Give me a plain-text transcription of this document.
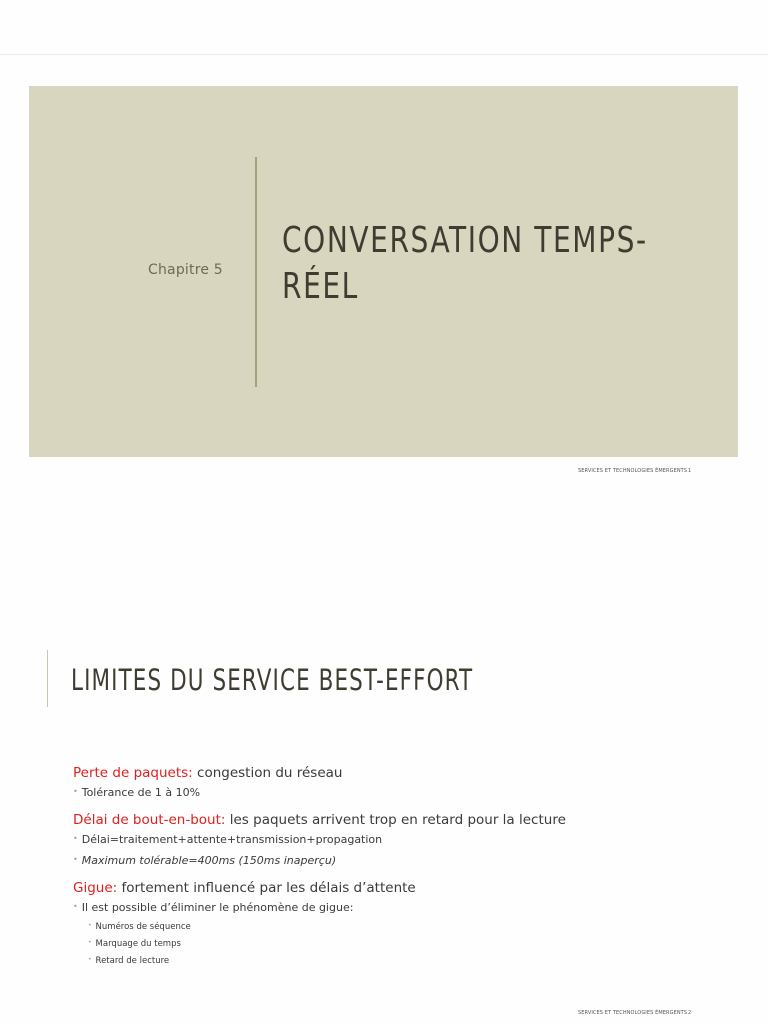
Chapitre 5
CONVERSATION TEMPS-
RÉEL
SERVICES ET TECHNOLOGIES ÉMERGENTS 1
LIMITES DU SERVICE BEST-EFFORT
Perte de paquets: congestion du réseau
• Tolérance de 1 à 10%
Délai de bout-en-bout: les paquets arrivent trop en retard pour la lecture
• Délai=traitement+attente+transmission+propagation
• Maximum tolérable=400ms (150ms inaperçu)
Gigue: fortement influencé par les délais d’attente
• Il est possible d’éliminer le phénomène de gigue:
• Numéros de séquence
• Marquage du temps
• Retard de lecture
SERVICES ET TECHNOLOGIES ÉMERGENTS 2
